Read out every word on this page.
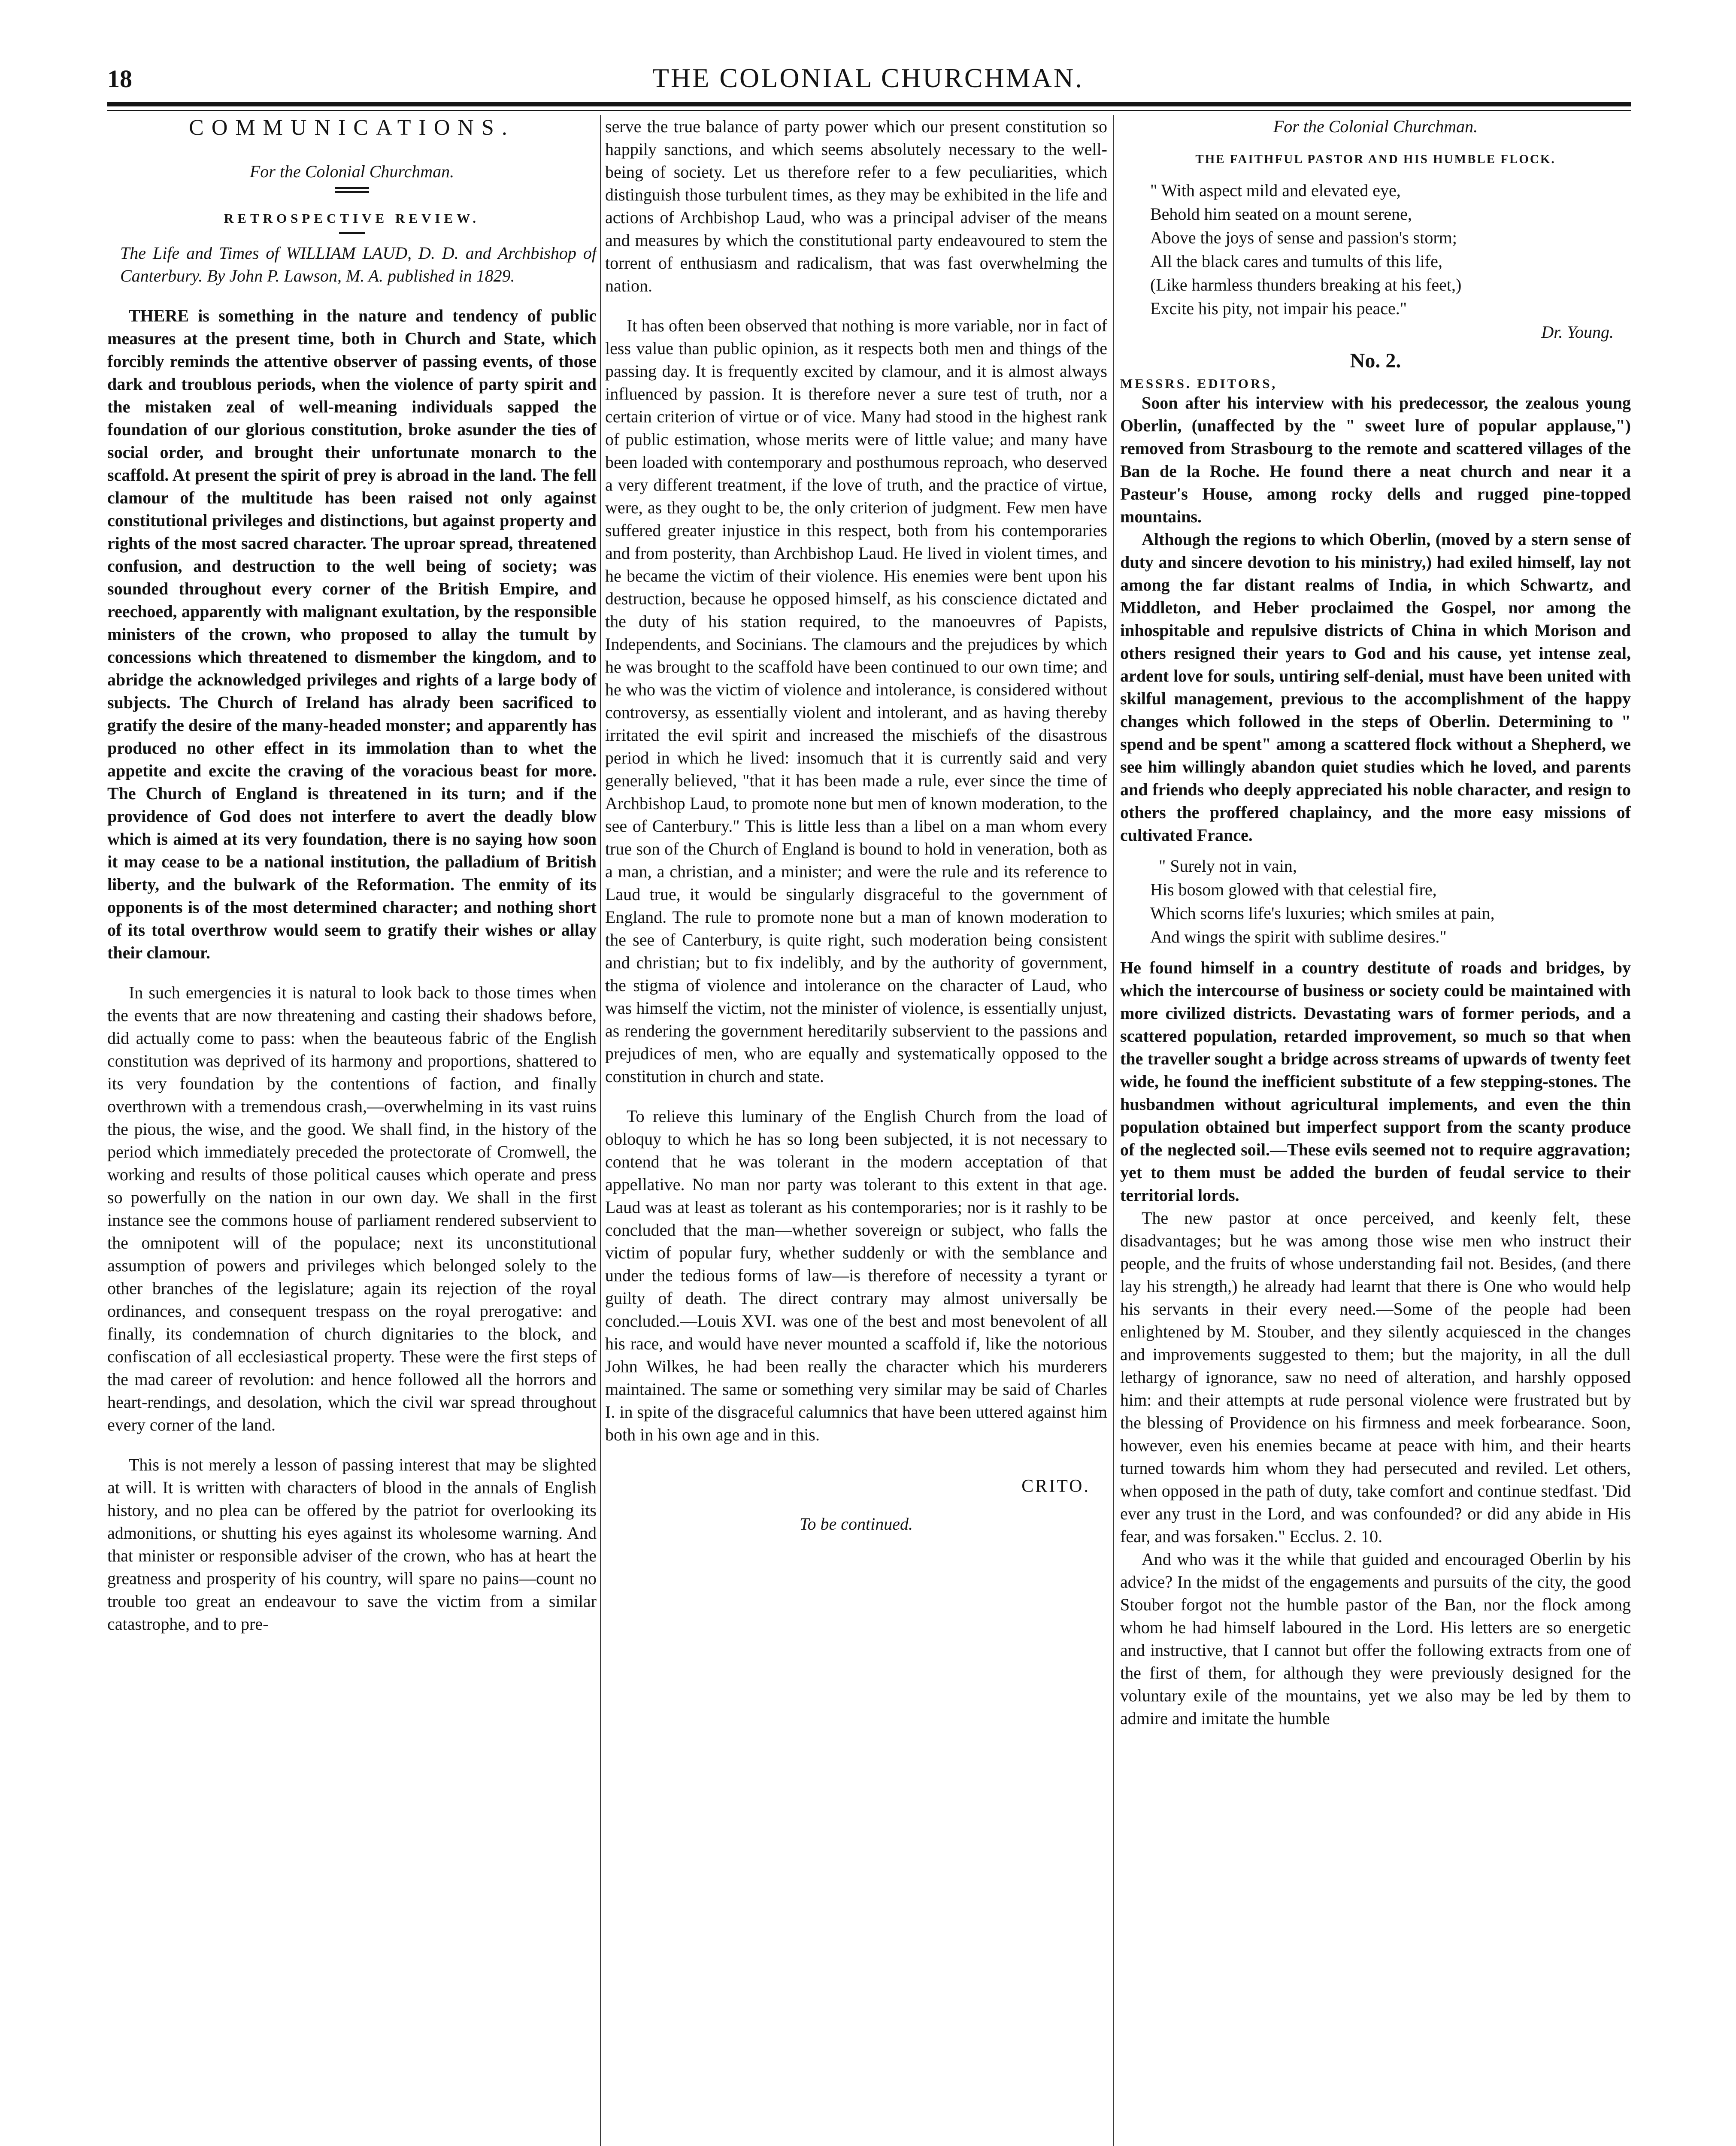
18	THE COLONIAL CHURCHMAN.
COMMUNICATIONS.

For the Colonial Churchman.

RETROSPECTIVE REVIEW.

The Life and Times of WILLIAM LAUD, D. D. and Archbishop of Canterbury. By John P. Lawson, M. A. published in 1829.

THERE is something in the nature and tendency of public measures at the present time, both in Church and State, which forcibly reminds the attentive observer of passing events, of those dark and troublous periods, when the violence of party spirit and the mistaken zeal of well-meaning individuals sapped the foundation of our glorious constitution, broke asunder the ties of social order, and brought their unfortunate monarch to the scaffold. At present the spirit of prey is abroad in the land. The fell clamour of the multitude has been raised not only against constitutional privileges and distinctions, but against property and rights of the most sacred character. The uproar spread, threatened confusion, and destruction to the well being of society; was sounded throughout every corner of the British Empire, and reechoed, apparently with malignant exultation, by the responsible ministers of the crown, who proposed to allay the tumult by concessions which threatened to dismember the kingdom, and to abridge the acknowledged privileges and rights of a large body of subjects. The Church of Ireland has alrady been sacrificed to gratify the desire of the many-headed monster; and apparently has produced no other effect in its immolation than to whet the appetite and excite the craving of the voracious beast for more. The Church of England is threatened in its turn; and if the providence of God does not interfere to avert the deadly blow which is aimed at its very foundation, there is no saying how soon it may cease to be a national institution, the palladium of British liberty, and the bulwark of the Reformation. The enmity of its opponents is of the most determined character; and nothing short of its total overthrow would seem to gratify their wishes or allay their clamour.

In such emergencies it is natural to look back to those times when the events that are now threatening and casting their shadows before, did actually come to pass: when the beauteous fabric of the English constitution was deprived of its harmony and proportions, shattered to its very foundation by the contentions of faction, and finally overthrown with a tremendous crash,—overwhelming in its vast ruins the pious, the wise, and the good. We shall find, in the history of the period which immediately preceded the protectorate of Cromwell, the working and results of those political causes which operate and press so powerfully on the nation in our own day. We shall in the first instance see the commons house of parliament rendered subservient to the omnipotent will of the populace; next its unconstitutional assumption of powers and privileges which belonged solely to the other branches of the legislature; again its rejection of the royal ordinances, and consequent trespass on the royal prerogative: and finally, its condemnation of church dignitaries to the block, and confiscation of all ecclesiastical property. These were the first steps of the mad career of revolution: and hence followed all the horrors and heart-rendings, and desolation, which the civil war spread throughout every corner of the land.

This is not merely a lesson of passing interest that may be slighted at will. It is written with characters of blood in the annals of English history, and no plea can be offered by the patriot for overlooking its admonitions, or shutting his eyes against its wholesome warning. And that minister or responsible adviser of the crown, who has at heart the greatness and prosperity of his country, will spare no pains—count no trouble too great an endeavour to save the victim from a similar catastrophe, and to pre-

serve the true balance of party power which our present constitution so happily sanctions, and which seems absolutely necessary to the well-being of society. Let us therefore refer to a few peculiarities, which distinguish those turbulent times, as they may be exhibited in the life and actions of Archbishop Laud, who was a principal adviser of the means and measures by which the constitutional party endeavoured to stem the torrent of enthusiasm and radicalism, that was fast overwhelming the nation.

It has often been observed that nothing is more variable, nor in fact of less value than public opinion, as it respects both men and things of the passing day. It is frequently excited by clamour, and it is almost always influenced by passion. It is therefore never a sure test of truth, nor a certain criterion of virtue or of vice. Many had stood in the highest rank of public estimation, whose merits were of little value; and many have been loaded with contemporary and posthumous reproach, who deserved a very different treatment, if the love of truth, and the practice of virtue, were, as they ought to be, the only criterion of judgment. Few men have suffered greater injustice in this respect, both from his contemporaries and from posterity, than Archbishop Laud. He lived in violent times, and he became the victim of their violence. His enemies were bent upon his destruction, because he opposed himself, as his conscience dictated and the duty of his station required, to the manoeuvres of Papists, Independents, and Socinians. The clamours and the prejudices by which he was brought to the scaffold have been continued to our own time; and he who was the victim of violence and intolerance, is considered without controversy, as essentially violent and intolerant, and as having thereby irritated the evil spirit and increased the mischiefs of the disastrous period in which he lived: insomuch that it is currently said and very generally believed, "that it has been made a rule, ever since the time of Archbishop Laud, to promote none but men of known moderation, to the see of Canterbury." This is little less than a libel on a man whom every true son of the Church of England is bound to hold in veneration, both as a man, a christian, and a minister; and were the rule and its reference to Laud true, it would be singularly disgraceful to the government of England. The rule to promote none but a man of known moderation to the see of Canterbury, is quite right, such moderation being consistent and christian; but to fix indelibly, and by the authority of government, the stigma of violence and intolerance on the character of Laud, who was himself the victim, not the minister of violence, is essentially unjust, as rendering the government hereditarily subservient to the passions and prejudices of men, who are equally and systematically opposed to the constitution in church and state.

To relieve this luminary of the English Church from the load of obloquy to which he has so long been subjected, it is not necessary to contend that he was tolerant in the modern acceptation of that appellative. No man nor party was tolerant to this extent in that age. Laud was at least as tolerant as his contemporaries; nor is it rashly to be concluded that the man—whether sovereign or subject, who falls the victim of popular fury, whether suddenly or with the semblance and under the tedious forms of law—is therefore of necessity a tyrant or guilty of death. The direct contrary may almost universally be concluded.—Louis XVI. was one of the best and most benevolent of all his race, and would have never mounted a scaffold if, like the notorious John Wilkes, he had been really the character which his murderers maintained. The same or something very similar may be said of Charles I. in spite of the disgraceful calumnics that have been uttered against him both in his own age and in this.

CRITO.
To be continued.

For the Colonial Churchman.

THE FAITHFUL PASTOR AND HIS HUMBLE FLOCK.
" With aspect mild and elevated eye,
Behold him seated on a mount serene,
Above the joys of sense and passion's storm;
All the black cares and tumults of this life,
(Like harmless thunders breaking at his feet,)
Excite his pity, not impair his peace."
Dr. Young.
No. 2.
MESSRS. EDITORS,

Soon after his interview with his predecessor, the zealous young Oberlin, (unaffected by the " sweet lure of popular applause,") removed from Strasbourg to the remote and scattered villages of the Ban de la Roche. He found there a neat church and near it a Pasteur's House, among rocky dells and rugged pine-topped mountains.

Although the regions to which Oberlin, (moved by a stern sense of duty and sincere devotion to his ministry,) had exiled himself, lay not among the far distant realms of India, in which Schwartz, and Middleton, and Heber proclaimed the Gospel, nor among the inhospitable and repulsive districts of China in which Morison and others resigned their years to God and his cause, yet intense zeal, ardent love for souls, untiring self-denial, must have been united with skilful management, previous to the accomplishment of the happy changes which followed in the steps of Oberlin. Determining to " spend and be spent" among a scattered flock without a Shepherd, we see him willingly abandon quiet studies which he loved, and parents and friends who deeply appreciated his noble character, and resign to others the proffered chaplaincy, and the more easy missions of cultivated France.

" Surely not in vain,
His bosom glowed with that celestial fire,
Which scorns life's luxuries; which smiles at pain,
And wings the spirit with sublime desires."

He found himself in a country destitute of roads and bridges, by which the intercourse of business or society could be maintained with more civilized districts. Devastating wars of former periods, and a scattered population, retarded improvement, so much so that when the traveller sought a bridge across streams of upwards of twenty feet wide, he found the inefficient substitute of a few stepping-stones. The husbandmen without agricultural implements, and even the thin population obtained but imperfect support from the scanty produce of the neglected soil.—These evils seemed not to require aggravation; yet to them must be added the burden of feudal service to their territorial lords.

The new pastor at once perceived, and keenly felt, these disadvantages; but he was among those wise men who instruct their people, and the fruits of whose understanding fail not. Besides, (and there lay his strength,) he already had learnt that there is One who would help his servants in their every need.—Some of the people had been enlightened by M. Stouber, and they silently acquiesced in the changes and improvements suggested to them; but the majority, in all the dull lethargy of ignorance, saw no need of alteration, and harshly opposed him: and their attempts at rude personal violence were frustrated but by the blessing of Providence on his firmness and meek forbearance. Soon, however, even his enemies became at peace with him, and their hearts turned towards him whom they had persecuted and reviled. Let others, when opposed in the path of duty, take comfort and continue stedfast. 'Did ever any trust in the Lord, and was confounded? or did any abide in His fear, and was forsaken." Ecclus. 2. 10.

And who was it the while that guided and encouraged Oberlin by his advice? In the midst of the engagements and pursuits of the city, the good Stouber forgot not the humble pastor of the Ban, nor the flock among whom he had himself laboured in the Lord. His letters are so energetic and instructive, that I cannot but offer the following extracts from one of the first of them, for although they were previously designed for the voluntary exile of the mountains, yet we also may be led by them to admire and imitate the humble
